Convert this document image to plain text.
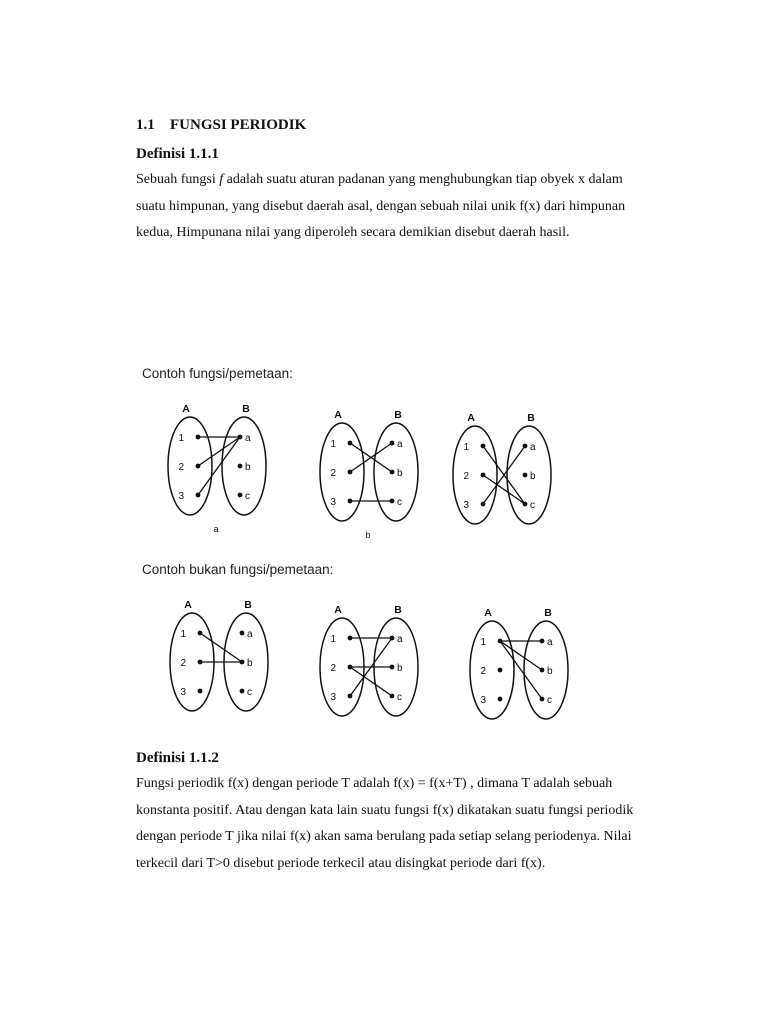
1.1 FUNGSI PERIODIK
Definisi 1.1.1

Sebuah fungsi f adalah suatu aturan padanan yang menghubungkan tiap obyek x dalam
suatu himpunan, yang disebut daerah asal, dengan sebuah nilai unik f(x) dari himpunan
kedua, Himpunana nilai yang diperoleh secara demikian disebut daerah hasil.

Contoh fungsi/pemetaan:
Contoh bukan fungsi/pemetaan:
A	B
1
2
3
a
b
c
a
A	B
1
2
3
a
b
c
b
A	B
1
2
3
a
b
c
A	B
1
2
3
a
b
c
A	B
1
2
3
a
b
c
A	B
1
2
3
a
b
c
Definisi 1.1.2

Fungsi periodik f(x) dengan periode T adalah f(x) = f(x+T) , dimana T adalah sebuah
konstanta positif. Atau dengan kata lain suatu fungsi f(x) dikatakan suatu fungsi periodik
dengan periode T jika nilai f(x) akan sama berulang pada setiap selang periodenya. Nilai
terkecil dari T>0 disebut periode terkecil atau disingkat periode dari f(x).
